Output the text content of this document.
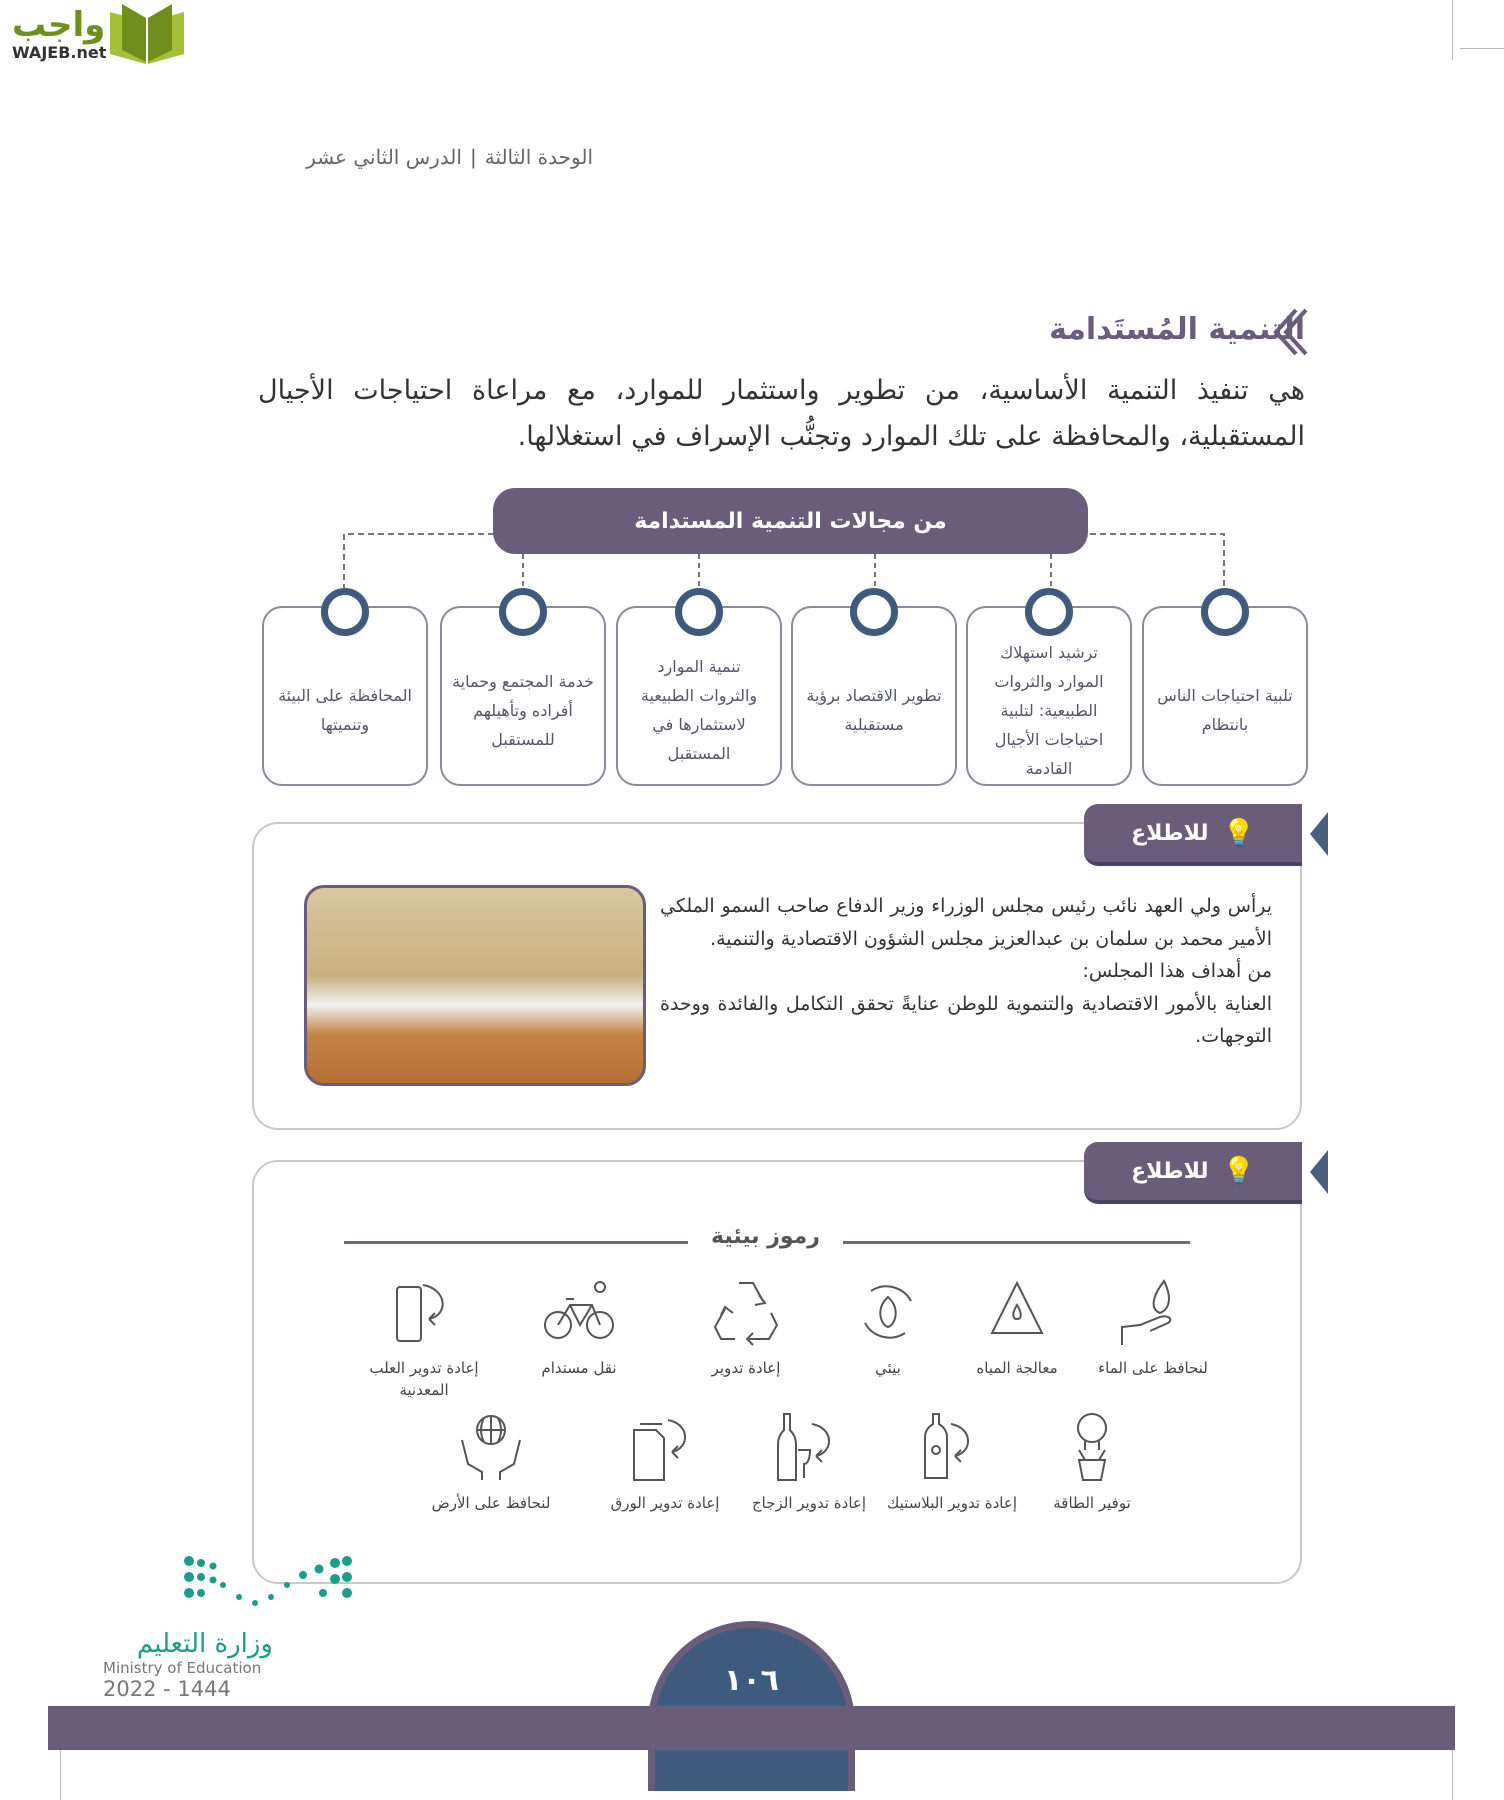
واجب
WAJEB.net
الوحدة الثالثة|الدرس الثاني عشر
التنمية المُستَدامة
هي تنفيذ التنمية الأساسية، من تطوير واستثمار للموارد، مع مراعاة احتياجات الأجيال المستقبلية، والمحافظة على تلك الموارد وتجنُّب الإسراف في استغلالها.
من مجالات التنمية المستدامة
تلبية احتياجات الناس بانتظام
ترشيد استهلاك الموارد والثروات الطبيعية: لتلبية احتياجات الأجيال القادمة
تطوير الاقتصاد برؤية مستقبلية
تنمية الموارد والثروات الطبيعية لاستثمارها في المستقبل
خدمة المجتمع وحماية أفراده وتأهيلهم للمستقبل
المحافظة على البيئة وتنميتها
💡
للاطلاع
يرأس ولي العهد نائب رئيس مجلس الوزراء وزير الدفاع صاحب السمو الملكي الأمير محمد بن سلمان بن عبدالعزيز مجلس الشؤون الاقتصادية والتنمية.
من أهداف هذا المجلس:
العناية بالأمور الاقتصادية والتنموية للوطن عنايةً تحقق التكامل والفائدة ووحدة التوجهات.
💡
للاطلاع
رموز بيئية
لنحافظ على الماء
معالجة المياه
بيئي
إعادة تدوير
نقل مستدام
إعادة تدوير العلب المعدنية
توفير الطاقة
إعادة تدوير البلاستيك
إعادة تدوير الزجاج
إعادة تدوير الورق
لنحافظ على الأرض
وزارة التعليم
Ministry of Education
2022 - 1444	١٠٦
